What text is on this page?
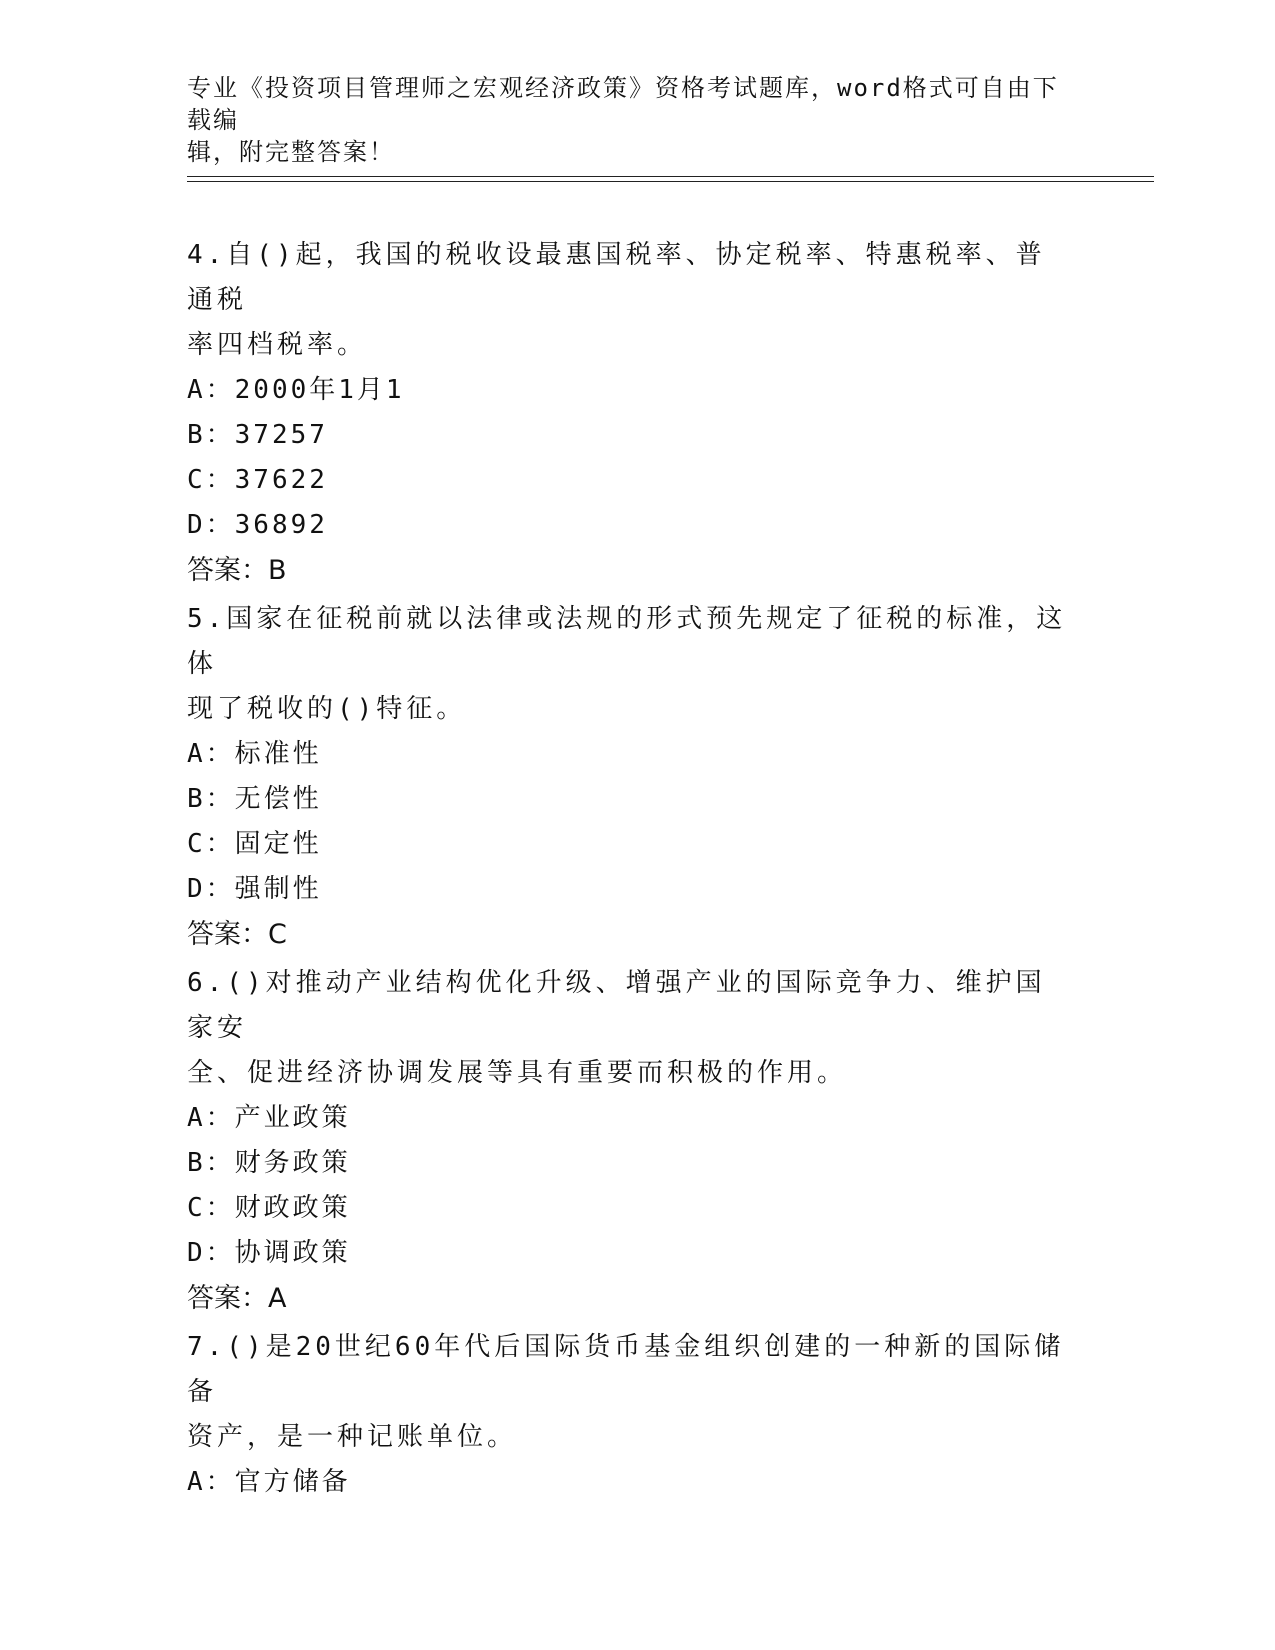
专业《投资项目管理师之宏观经济政策》资格考试题库，word格式可自由下载编
辑，附完整答案！

4.自()起，我国的税收设最惠国税率、协定税率、特惠税率、普通税

率四档税率。

A：2000年1月1

B：37257

C：37622

D：36892

答案：B

5.国家在征税前就以法律或法规的形式预先规定了征税的标准，这体

现了税收的()特征。

A：标准性

B：无偿性

C：固定性

D：强制性

答案：C

6.()对推动产业结构优化升级、增强产业的国际竞争力、维护国家安

全、促进经济协调发展等具有重要而积极的作用。

A：产业政策

B：财务政策

C：财政政策

D：协调政策

答案：A

7.()是20世纪60年代后国际货币基金组织创建的一种新的国际储备

资产，是一种记账单位。

A：官方储备
